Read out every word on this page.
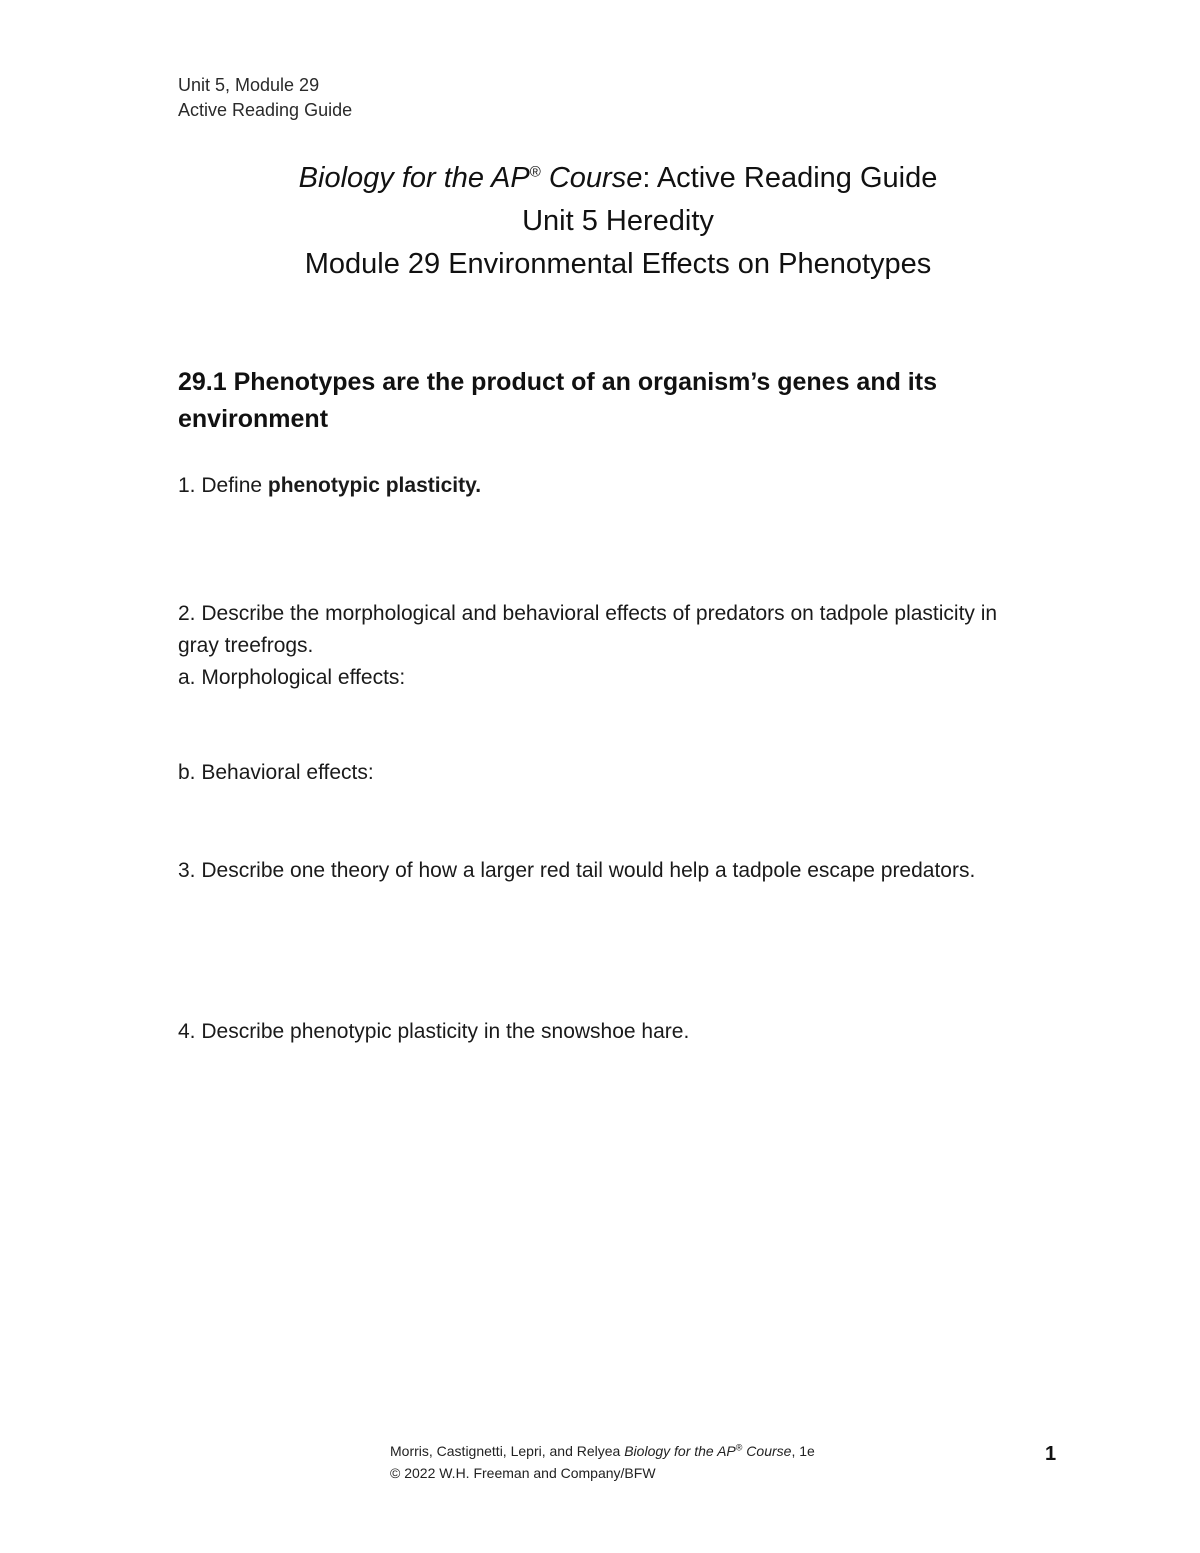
Unit 5, Module 29
Active Reading Guide
Biology for the AP® Course: Active Reading Guide
Unit 5 Heredity
Module 29 Environmental Effects on Phenotypes
29.1 Phenotypes are the product of an organism’s genes and its environment
1. Define phenotypic plasticity.
2. Describe the morphological and behavioral effects of predators on tadpole plasticity in gray treefrogs.
a. Morphological effects:
b. Behavioral effects:
3. Describe one theory of how a larger red tail would help a tadpole escape predators.
4. Describe phenotypic plasticity in the snowshoe hare.
Morris, Castignetti, Lepri, and Relyea Biology for the AP® Course, 1e
© 2022 W.H. Freeman and Company/BFW
1
